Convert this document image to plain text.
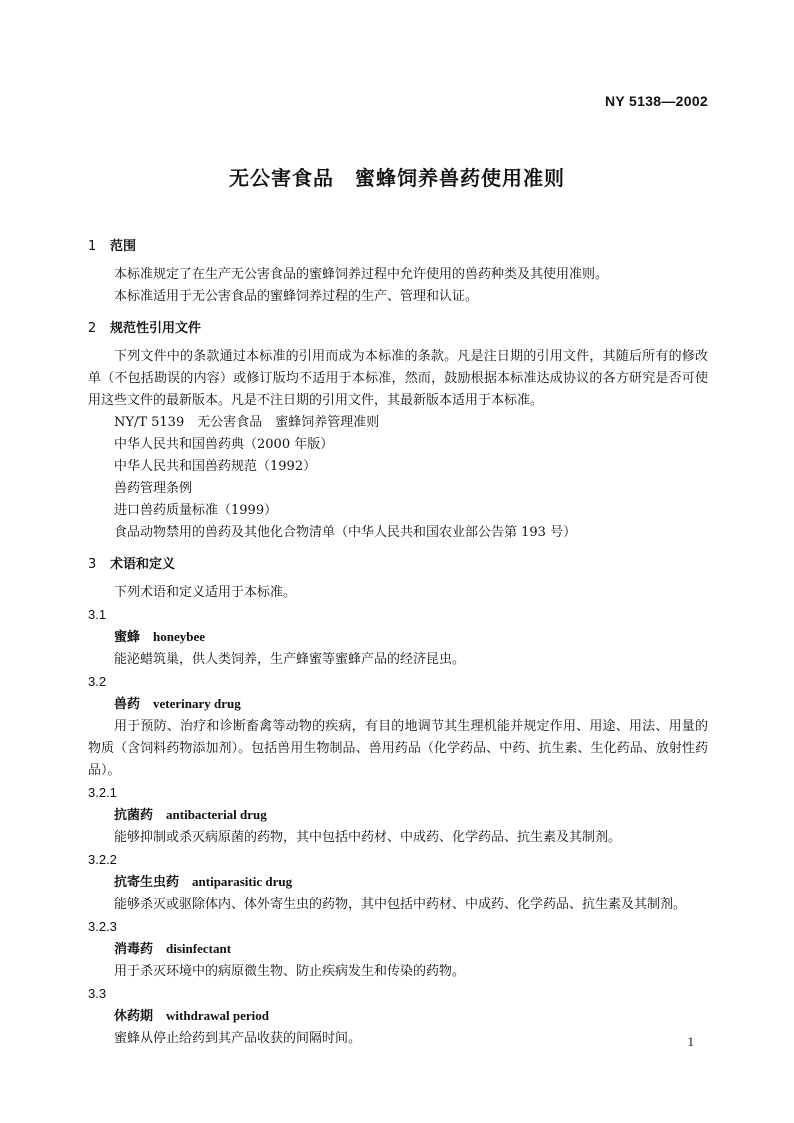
NY 5138—2002
无公害食品　蜜蜂饲养兽药使用准则
1 范围

本标准规定了在生产无公害食品的蜜蜂饲养过程中允许使用的兽药种类及其使用准则。

本标准适用于无公害食品的蜜蜂饲养过程的生产、管理和认证。

2 规范性引用文件

下列文件中的条款通过本标准的引用而成为本标准的条款。凡是注日期的引用文件，其随后所有的修改单（不包括勘误的内容）或修订版均不适用于本标准，然而，鼓励根据本标准达成协议的各方研究是否可使用这些文件的最新版本。凡是不注日期的引用文件，其最新版本适用于本标准。

NY/T 5139　无公害食品　蜜蜂饲养管理准则

中华人民共和国兽药典（2000 年版）

中华人民共和国兽药规范（1992）

兽药管理条例

进口兽药质量标准（1999）

食品动物禁用的兽药及其他化合物清单（中华人民共和国农业部公告第 193 号）

3 术语和定义

下列术语和定义适用于本标准。

3.1

蜜蜂　 honeybee

能泌蜡筑巢，供人类饲养，生产蜂蜜等蜜蜂产品的经济昆虫。

3.2

兽药　 veterinary drug

用于预防、治疗和诊断畜禽等动物的疾病，有目的地调节其生理机能并规定作用、用途、用法、用量的物质（含饲料药物添加剂）。包括兽用生物制品、兽用药品（化学药品、中药、抗生素、生化药品、放射性药品）。

3.2.1

抗菌药　 antibacterial drug

能够抑制或杀灭病原菌的药物，其中包括中药材、中成药、化学药品、抗生素及其制剂。

3.2.2

抗寄生虫药　 antiparasitic drug

能够杀灭或驱除体内、体外寄生虫的药物，其中包括中药材、中成药、化学药品、抗生素及其制剂。

3.2.3

消毒药　 disinfectant

用于杀灭环境中的病原微生物、防止疾病发生和传染的药物。

3.3

休药期　 withdrawal period

蜜蜂从停止给药到其产品收获的间隔时间。	1
